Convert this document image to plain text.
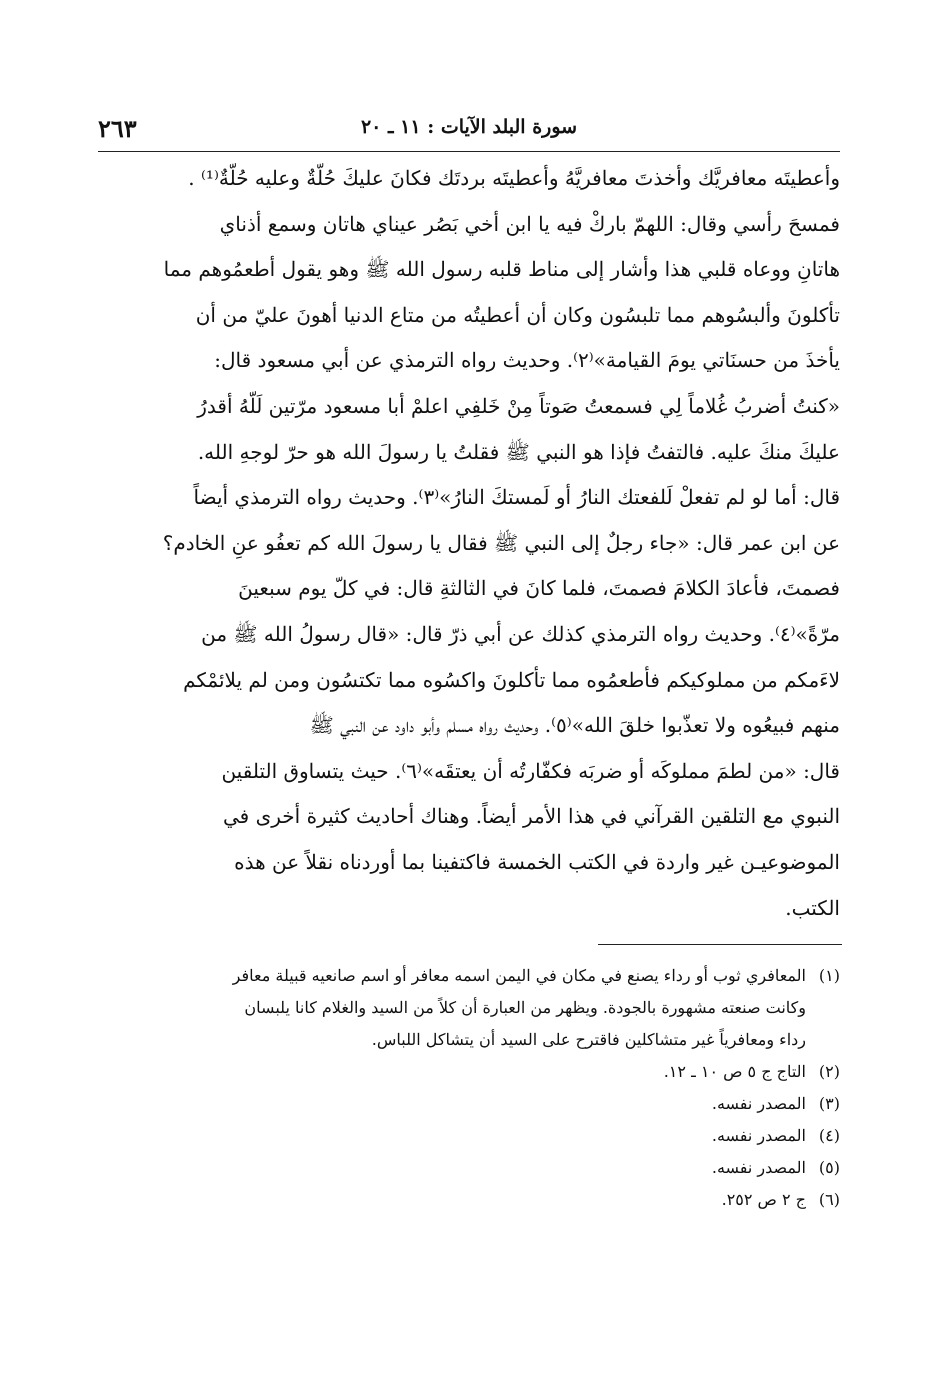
٢٦٣	سورة البلد الآيات : ١١ ـ ٢٠

وأعطيتَه معافريَّك وأخذتَ معافريَّهُ وأعطيتَه بردتَك فكانَ عليكَ حُلّةٌ وعليه حُلّةٌ⁽¹⁾ .

فمسحَ رأسي وقال: اللهمّ باركْ فيه يا ابن أخي بَصُر عيناي هاتان وسمع أذناي

هاتانِ ووعاه قلبي هذا وأشار إلى مناط قلبه رسول الله ﷺ وهو يقول أطعمُوهم مما

تأكلونَ وألبسُوهم مما تلبسُون وكان أن أعطيتُه من متاع الدنيا أهونَ عليّ من أن

يأخذَ من حسنَاتي يومَ القيامة»⁽٢⁾. وحديث رواه الترمذي عن أبي مسعود قال:

«كنتُ أضربُ غُلاماً لِي فسمعتُ صَوتاً مِنْ خَلفِي اعلمْ أبا مسعود مرّتين لَلّهُ أقدرُ

عليكَ منكَ عليه. فالتفتُ فإذا هو النبي ﷺ فقلتُ يا رسولَ الله هو حرّ لوجهِ الله.

قال: أما لو لم تفعلْ لَلفعتك النارُ أو لَمستكَ النارُ»⁽٣⁾. وحديث رواه الترمذي أيضاً

عن ابن عمر قال: «جاء رجلٌ إلى النبي ﷺ فقال يا رسولَ الله كم تعفُو عنِ الخادم؟

فصمتَ، فأعادَ الكلامَ فصمتَ، فلما كانَ في الثالثةِ قال: في كلّ يوم سبعينَ

مرّةً»⁽٤⁾. وحديث رواه الترمذي كذلك عن أبي ذرّ قال: «قال رسولُ الله ﷺ من

لاءَمكم من مملوكيكم فأطعمُوه مما تأكلونَ واكسُوه مما تكتسُون ومن لم يلائمْكم

منهم فبيعُوه ولا تعذّبوا خلقَ الله»⁽٥⁾. وحديث رواه مسلم وأبو داود عن النبي ﷺ

قال: «من لطمَ مملوكَه أو ضربَه فكفّارتُه أن يعتقَه»⁽٦⁾. حيث يتساوق التلقين

النبوي مع التلقين القرآني في هذا الأمر أيضاً. وهناك أحاديث كثيرة أخرى في

الموضوعيـن غير واردة في الكتب الخمسة فاكتفينا بما أوردناه نقلاً عن هذه

الكتب.

(١)
المعافري ثوب أو رداء يصنع في مكان في اليمن اسمه معافر أو اسم صانعيه قبيلة معافر
وكانت صنعته مشهورة بالجودة. ويظهر من العبارة أن كلاً من السيد والغلام كانا يلبسان
رداء ومعافرياً غير متشاكلين فاقترح على السيد أن يتشاكل اللباس.
(٢)
التاج ج ٥ ص ١٠ ـ ١٢.
(٣)
المصدر نفسه.
(٤)
المصدر نفسه.
(٥)
المصدر نفسه.
(٦)
ج ٢ ص ٢٥٢.
